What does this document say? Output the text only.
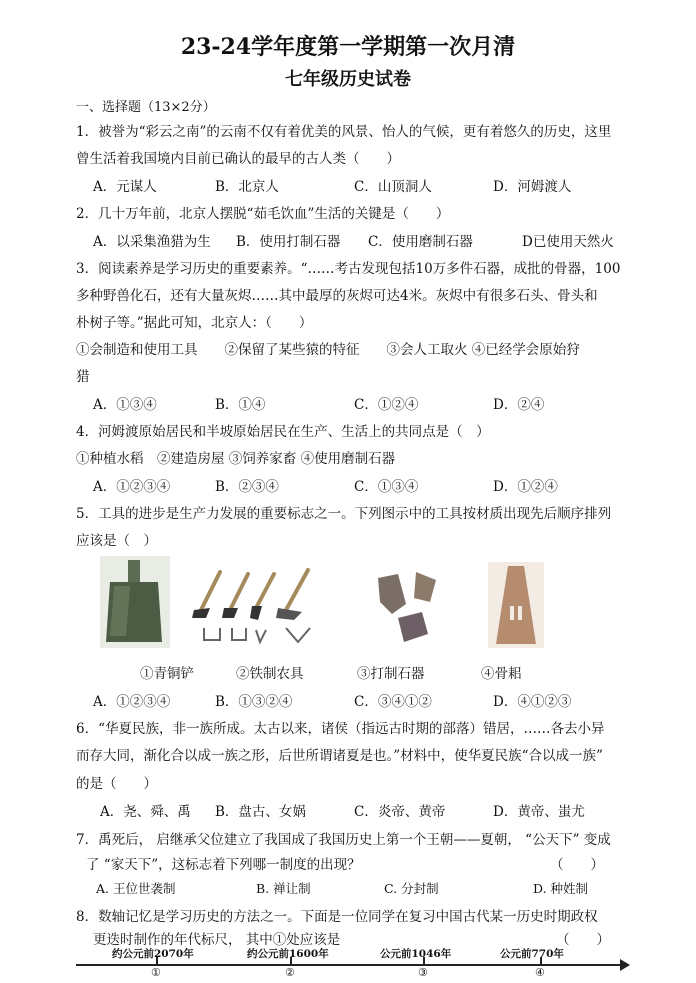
23-24学年度第一学期第一次月清
七年级历史试卷
一、选择题（13×2分）
1．被誉为“彩云之南”的云南不仅有着优美的风景、怡人的气候，更有着悠久的历史，这里
曾生活着我国境内目前已确认的最早的古人类（　　）
A．元谋人	B．北京人	C．山顶洞人	D．河姆渡人
2．几十万年前，北京人摆脱“茹毛饮血”生活的关键是（　　）
A．以采集渔猎为生 B．使用打制石器 C．使用磨制石器	D已使用天然火
3．阅读素养是学习历史的重要素养。“……考古发现包括10万多件石器，成批的骨器，100
多种野兽化石，还有大量灰烬……其中最厚的灰烬可达4米。灰烬中有很多石头、骨头和
朴树子等。”据此可知，北京人：（　　）
①会制造和使用工具　　②保留了某些猿的特征　　③会人工取火 ④已经学会原始狩
猎
A．①③④	B．①④	C．①②④	D．②④
4．河姆渡原始居民和半坡原始居民在生产、生活上的共同点是（　）
①种植水稻　②建造房屋 ③饲养家畜 ④使用磨制石器
A．①②③④	B．②③④	C．①③④	D．①②④
5．工具的进步是生产力发展的重要标志之一。下列图示中的工具按材质出现先后顺序排列
应该是（　）
①青铜铲	②铁制农具	③打制石器	④骨耜
A．①②③④	B．①③②④	C．③④①②	D．④①②③
6．“华夏民族，非一族所成。太古以来，诸侯（指远古时期的部落）错居，……各去小异
而存大同，渐化合以成一族之形，后世所谓诸夏是也。”材料中，使华夏民族“合以成一族”
的是（　　）
A．尧、舜、禹 B．盘古、女娲	C．炎帝、黄帝	D．黄帝、蚩尤
7．禹死后， 启继承父位建立了我国成了我国历史上第一个王朝——夏朝， “公天下” 变成
了 “家天下”，这标志着下列哪一制度的出现？	（　　）
A. 王位世袭制	B. 禅让制	C. 分封制	D. 种姓制
8．数轴记忆是学习历史的方法之一。下面是一位同学在复习中国古代某一历史时期政权
更迭时制作的年代标尺， 其中①处应该是	（　　）
约公元前2070年	约公元前1600年	公元前1046年	公元前770年
①	②	③	④
